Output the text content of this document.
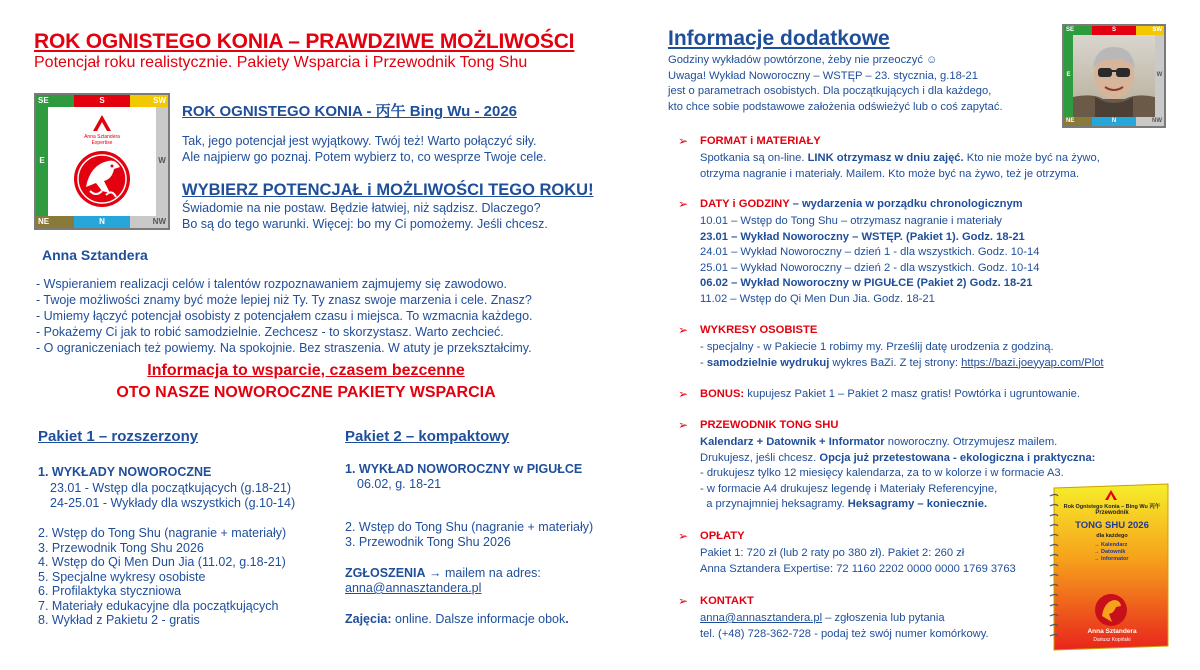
ROK OGNISTEGO KONIA – PRAWDZIWE MOŻLIWOŚCI
Potencjał roku realistycznie. Pakiety Wsparcia i Przewodnik Tong Shu
SE	S	SW
E	W
NE	N	NW
Anna Sztandera
Expertise
ROK OGNISTEGO KONIA - 丙午 Bing Wu - 2026
Tak, jego potencjał jest wyjątkowy. Twój też! Warto połączyć siły.
Ale najpierw go poznaj. Potem wybierz to, co wesprze Twoje cele.
WYBIERZ POTENCJAŁ i MOŻLIWOŚCI TEGO ROKU!
Świadomie na nie postaw. Będzie łatwiej, niż sądzisz. Dlaczego?
Bo są do tego warunki. Więcej: bo my Ci pomożemy. Jeśli chcesz.
Anna Sztandera
- Wspieraniem realizacji celów i talentów rozpoznawaniem zajmujemy się zawodowo.
- Twoje możliwości znamy być może lepiej niż Ty. Ty znasz swoje marzenia i cele. Znasz?
- Umiemy łączyć potencjał osobisty z potencjałem czasu i miejsca. To wzmacnia każdego.
- Pokażemy Ci jak to robić samodzielnie. Zechcesz - to skorzystasz. Warto zechcieć.
- O ograniczeniach też powiemy. Na spokojnie. Bez straszenia. W atuty je przekształcimy.
Informacja to wsparcie, czasem bezcenne
OTO NASZE NOWOROCZNE PAKIETY WSPARCIA
Pakiet 1 – rozszerzony
1. WYKŁADY NOWOROCZNE
23.01 - Wstęp dla początkujących (g.18-21)
24-25.01 - Wykłady dla wszystkich (g.10-14)
2. Wstęp do Tong Shu (nagranie + materiały)
3. Przewodnik Tong Shu 2026
4. Wstęp do Qi Men Dun Jia (11.02, g.18-21)
5. Specjalne wykresy osobiste
6. Profilaktyka styczniowa
7. Materiały edukacyjne dla początkujących
8. Wykład z Pakietu 2 - gratis
Pakiet 2 – kompaktowy
1. WYKŁAD NOWOROCZNY w PIGUŁCE
06.02, g. 18-21
2. Wstęp do Tong Shu (nagranie + materiały)
3. Przewodnik Tong Shu 2026
ZGŁOSZENIA → mailem na adres:
anna@annasztandera.pl
Zajęcia: online. Dalsze informacje obok.
Informacje dodatkowe
Godziny wykładów powtórzone, żeby nie przeoczyć ☺
Uwaga! Wykład Noworoczny – WSTĘP – 23. stycznia, g.18-21
jest o parametrach osobistych. Dla początkujących i dla każdego,
kto chce sobie podstawowe założenia odświeżyć lub o coś zapytać.
SE	S	SW
E	W
NE	N	NW
➢ FORMAT i MATERIAŁY
Spotkania są on-line. LINK otrzymasz w dniu zajęć. Kto nie może być na żywo,
otrzyma nagranie i materiały. Mailem. Kto może być na żywo, też je otrzyma.
➢ DATY i GODZINY – wydarzenia w porządku chronologicznym
10.01 – Wstęp do Tong Shu – otrzymasz nagranie i materiały
23.01 – Wykład Noworoczny – WSTĘP. (Pakiet 1). Godz. 18-21
24.01 – Wykład Noworoczny – dzień 1 - dla wszystkich. Godz. 10-14
25.01 – Wykład Noworoczny – dzień 2 - dla wszystkich. Godz. 10-14
06.02 – Wykład Noworoczny w PIGUŁCE (Pakiet 2) Godz. 18-21
11.02 – Wstęp do Qi Men Dun Jia. Godz. 18-21
➢ WYKRESY OSOBISTE
- specjalny - w Pakiecie 1 robimy my. Prześlij datę urodzenia z godziną.
- samodzielnie wydrukuj wykres BaZi. Z tej strony: https://bazi.joeyyap.com/Plot
➢ BONUS: kupujesz Pakiet 1 – Pakiet 2 masz gratis! Powtórka i ugruntowanie.
➢ PRZEWODNIK TONG SHU
Kalendarz + Datownik + Informator noworoczny. Otrzymujesz mailem.
Drukujesz, jeśli chcesz. Opcja już przetestowana - ekologiczna i praktyczna:
- drukujesz tylko 12 miesięcy kalendarza, za to w kolorze i w formacie A3.
- w formacie A4 drukujesz legendę i Materiały Referencyjne,
a przynajmniej heksagramy. Heksagramy – koniecznie.
➢ OPŁATY
Pakiet 1: 720 zł (lub 2 raty po 380 zł). Pakiet 2: 260 zł
Anna Sztandera Expertise: 72 1160 2202 0000 0000 1769 3763
➢ KONTAKT
anna@annasztandera.pl – zgłoszenia lub pytania
tel. (+48) 728-362-728 - podaj też swój numer komórkowy.
Rok Ognistego Konia – Bing Wu 丙午
Przewodnik
TONG SHU 2026
dla każdego
→ Kalendarz
→ Datownik
→ Informator
Anna Sztandera
Dariusz Kopiński
